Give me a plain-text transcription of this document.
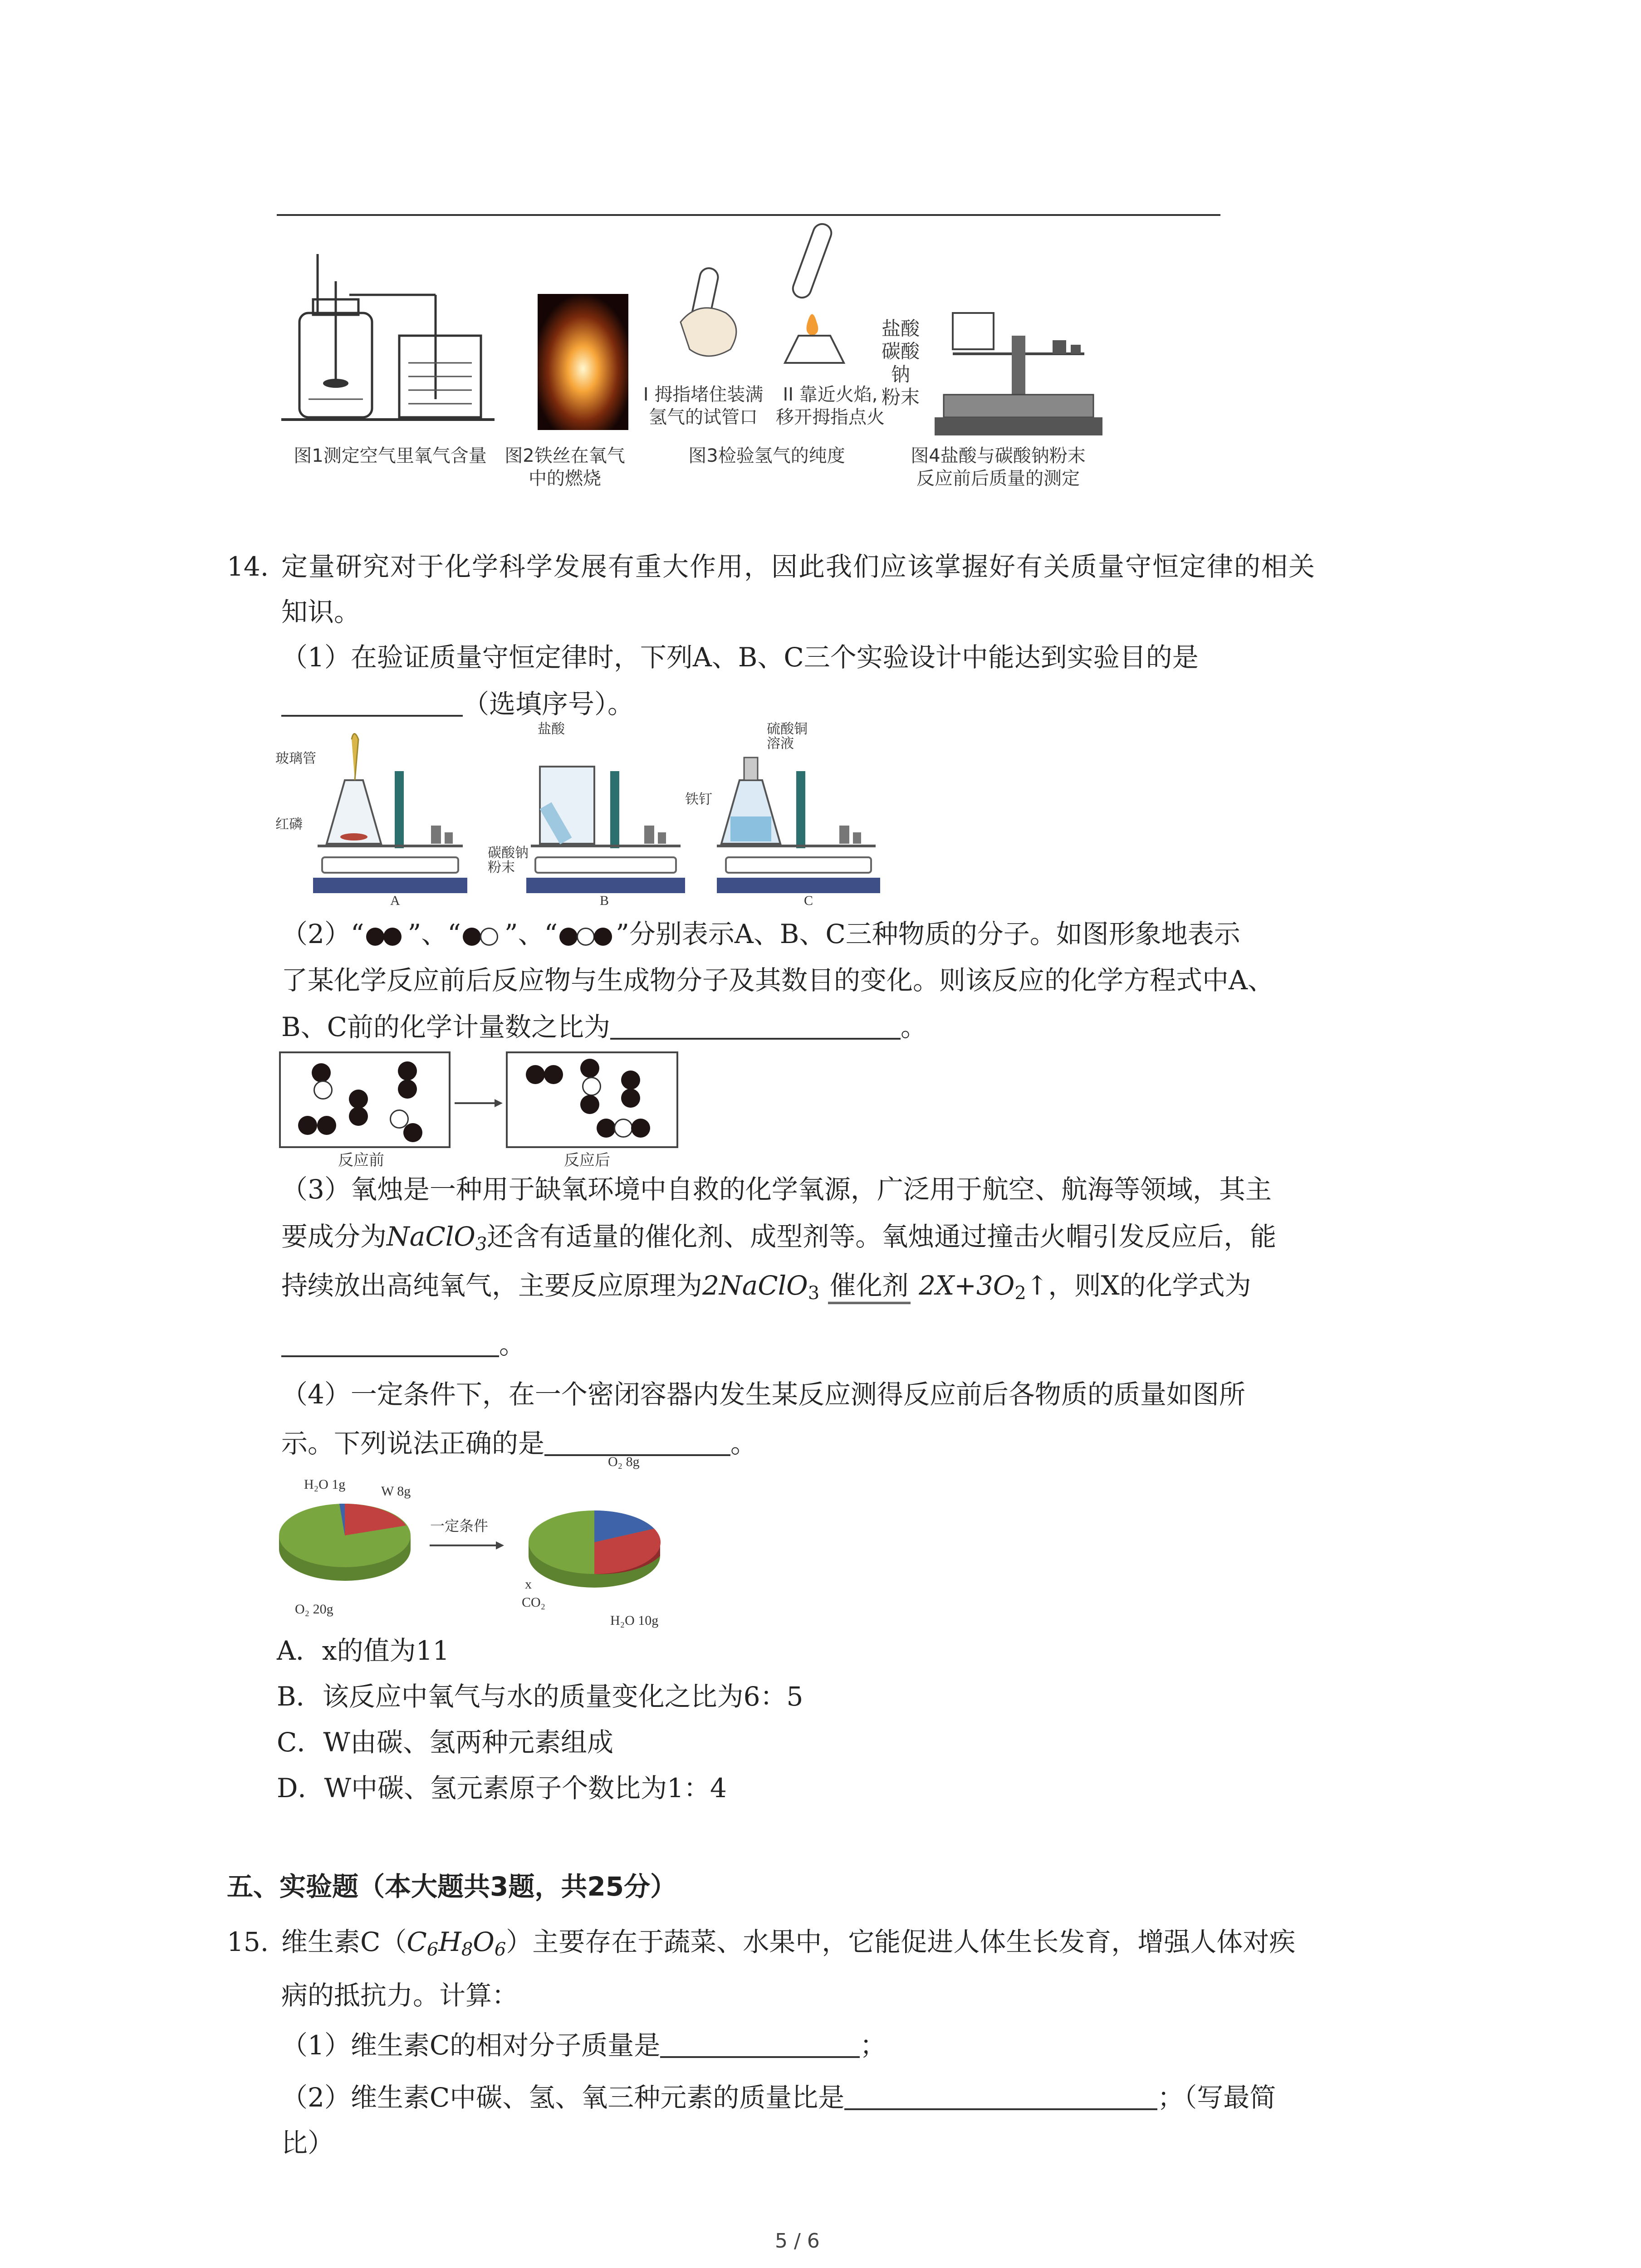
I 拇指堵住装满
氢气的试管口
II 靠近火焰,
移开拇指点火
盐酸
碳酸钠
粉末
图1测定空气里氧气含量 图2铁丝在氧气
中的燃烧
图3检验氢气的纯度	图4盐酸与碳酸钠粉末
反应前后质量的测定
14. 定量研究对于化学科学发展有重大作用，因此我们应该掌握好有关质量守恒定律的相关
知识。
（1）在验证质量守恒定律时，下列A、B、C三个实验设计中能达到实验目的是
（选填序号）。
玻璃管
红磷
A
盐酸
碳酸钠
粉末
B
硫酸铜
溶液
铁钉
C
（2）“ ”、“ ”、“ ”分别表示A、B、C三种物质的分子。如图形象地表示
了某化学反应前后反应物与生成物分子及其数目的变化。则该反应的化学方程式中A、
B、C前的化学计量数之比为	。
反应前	反应后
（3）氧烛是一种用于缺氧环境中自救的化学氧源，广泛用于航空、航海等领域，其主
要成分为NaClO$_3$还含有适量的催化剂、成型剂等。氧烛通过撞击火帽引发反应后，能
持续放出高纯氧气，主要反应原理为2NaClO$_3$ 催化剂 $2X+3O_2↑$，则X的化学式为
。
（4）一定条件下，在一个密闭容器内发生某反应测得反应前后各物质的质量如图所
示。下列说法正确的是	。
H₂O 1g	W 8g
O₂ 20g
一定条件
O₂ 8g
x
CO₂
H₂O 10g
A．x的值为11
B．该反应中氧气与水的质量变化之比为6：5
C．W由碳、氢两种元素组成
D．W中碳、氢元素原子个数比为1：4
五、实验题（本大题共3题，共25分）
15. 维生素$C(C_6H_8O_6)$主要存在于蔬菜、水果中，它能促进人体生长发育，增强人体对疾
病的抵抗力。计算：
（1）维生素C的相对分子质量是	；
（2）维生素C中碳、氢、氧三种元素的质量比是	；（写最简
比）
5 / 6
